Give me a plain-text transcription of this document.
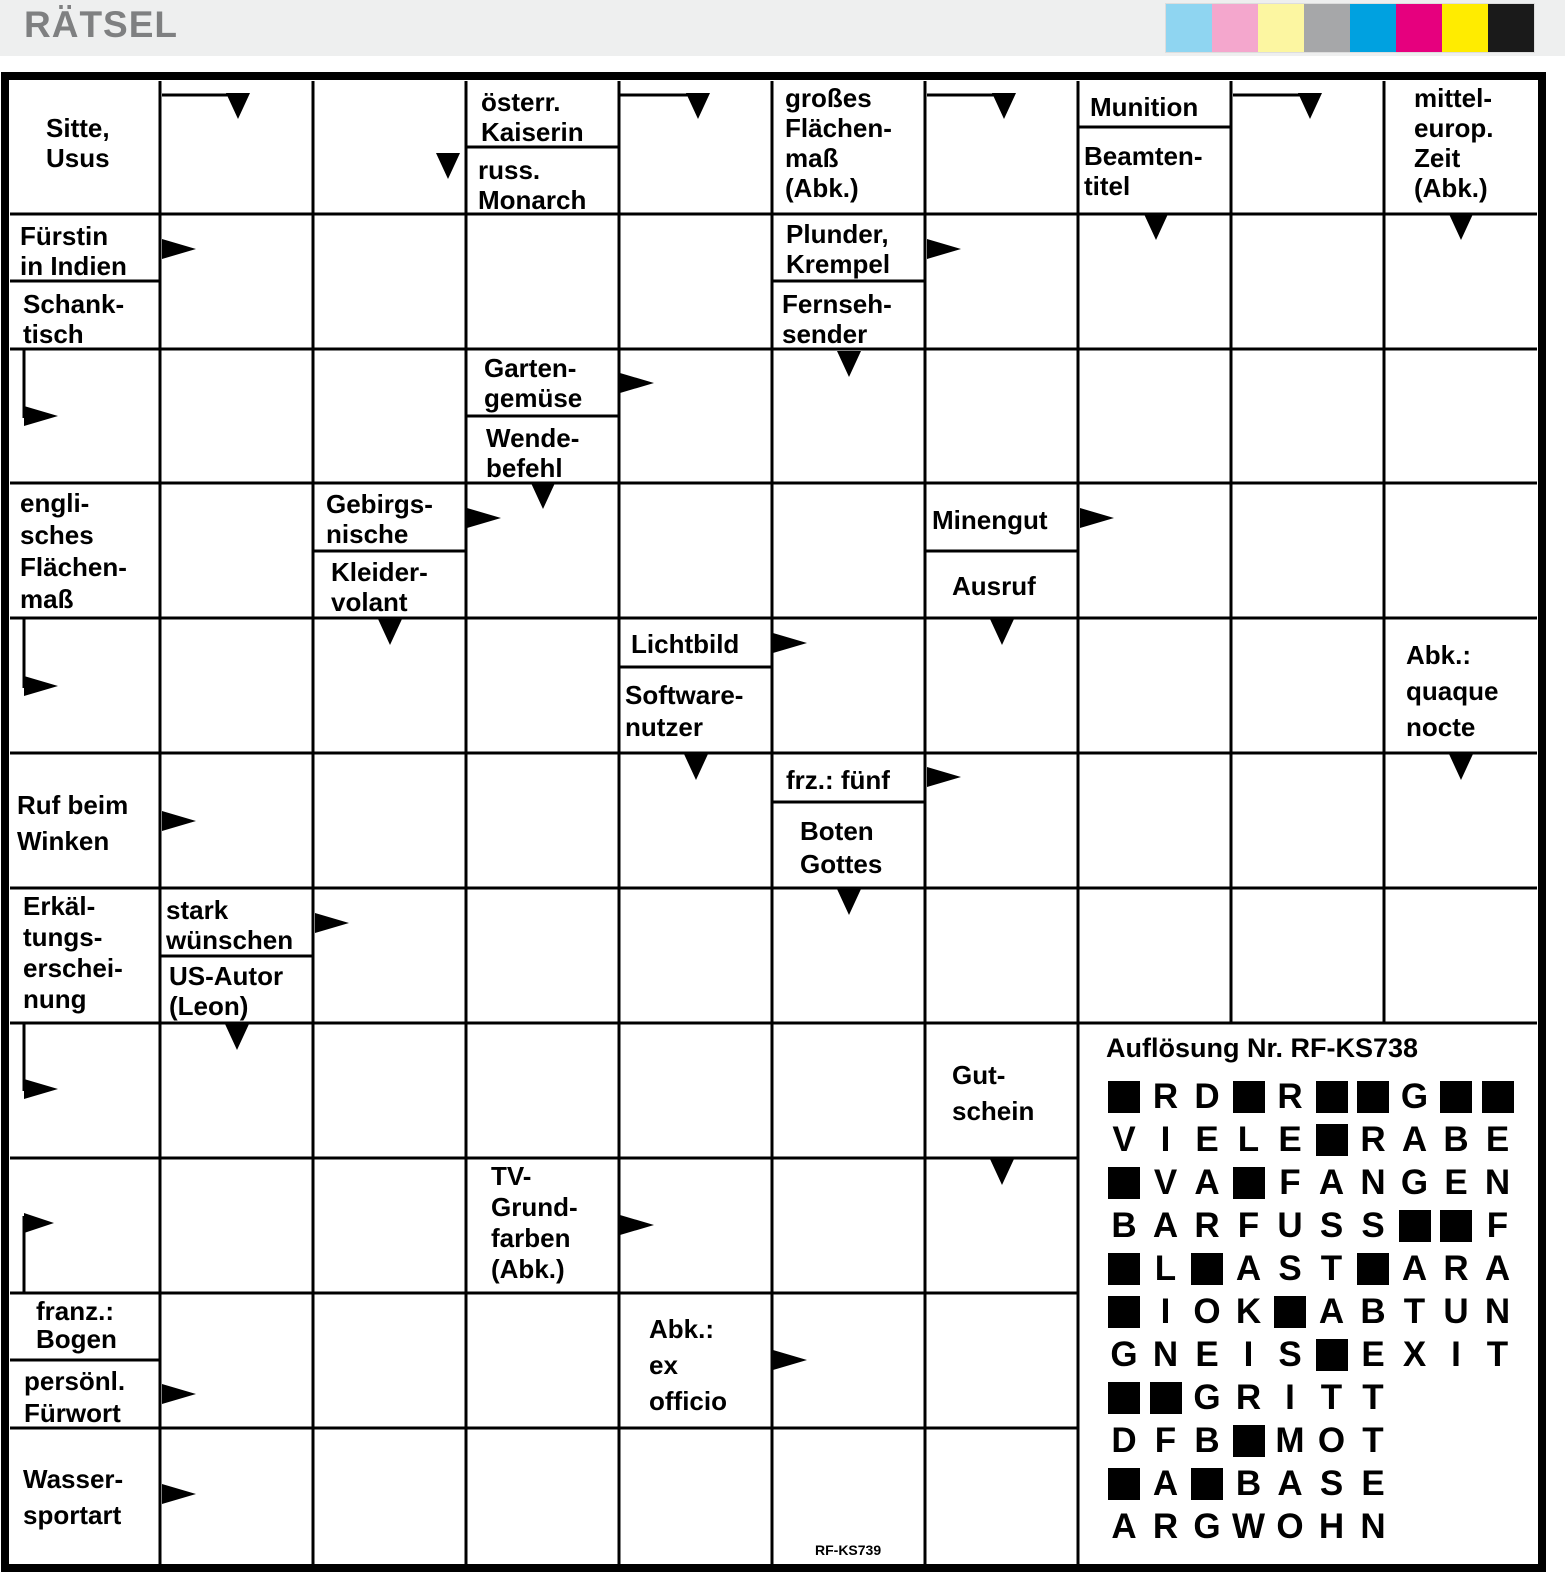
RÄTSEL
Sitte,
Usus
österr.
Kaiserin
russ.
Monarch
großes
Flächen-
maß
(Abk.)
Munition
Beamten-
titel
mittel-
europ.
Zeit
(Abk.)
Fürstin
in Indien
Schank-
tisch
Plunder,
Krempel
Fernseh-
sender
Garten-
gemüse
Wende-
befehl
engli-
sches
Flächen-
maß
Gebirgs-
nische
Kleider-
volant
Minengut
Ausruf
Lichtbild
Software-
nutzer
Abk.:
quaque
nocte
Ruf beim
Winken
frz.: fünf
Boten
Gottes
Erkäl-
tungs-
erschei-
nung
stark
wünschen
US-Autor
(Leon)
Gut-
schein
TV-
Grund-
farben
(Abk.)
franz.:
Bogen
persönl.
Fürwort
Abk.:
ex
officio
Wasser-
sportart
Auflösung Nr. RF-KS738
R D R	G
V I E L E R A B E
V A F A N G E N
B A R F U S S	F
L A S T A R A
I O K A B T U N
G N E I S E X I T
G R I T T
D F B M O T
A B A S E
A R G W O H N
RF-KS739
